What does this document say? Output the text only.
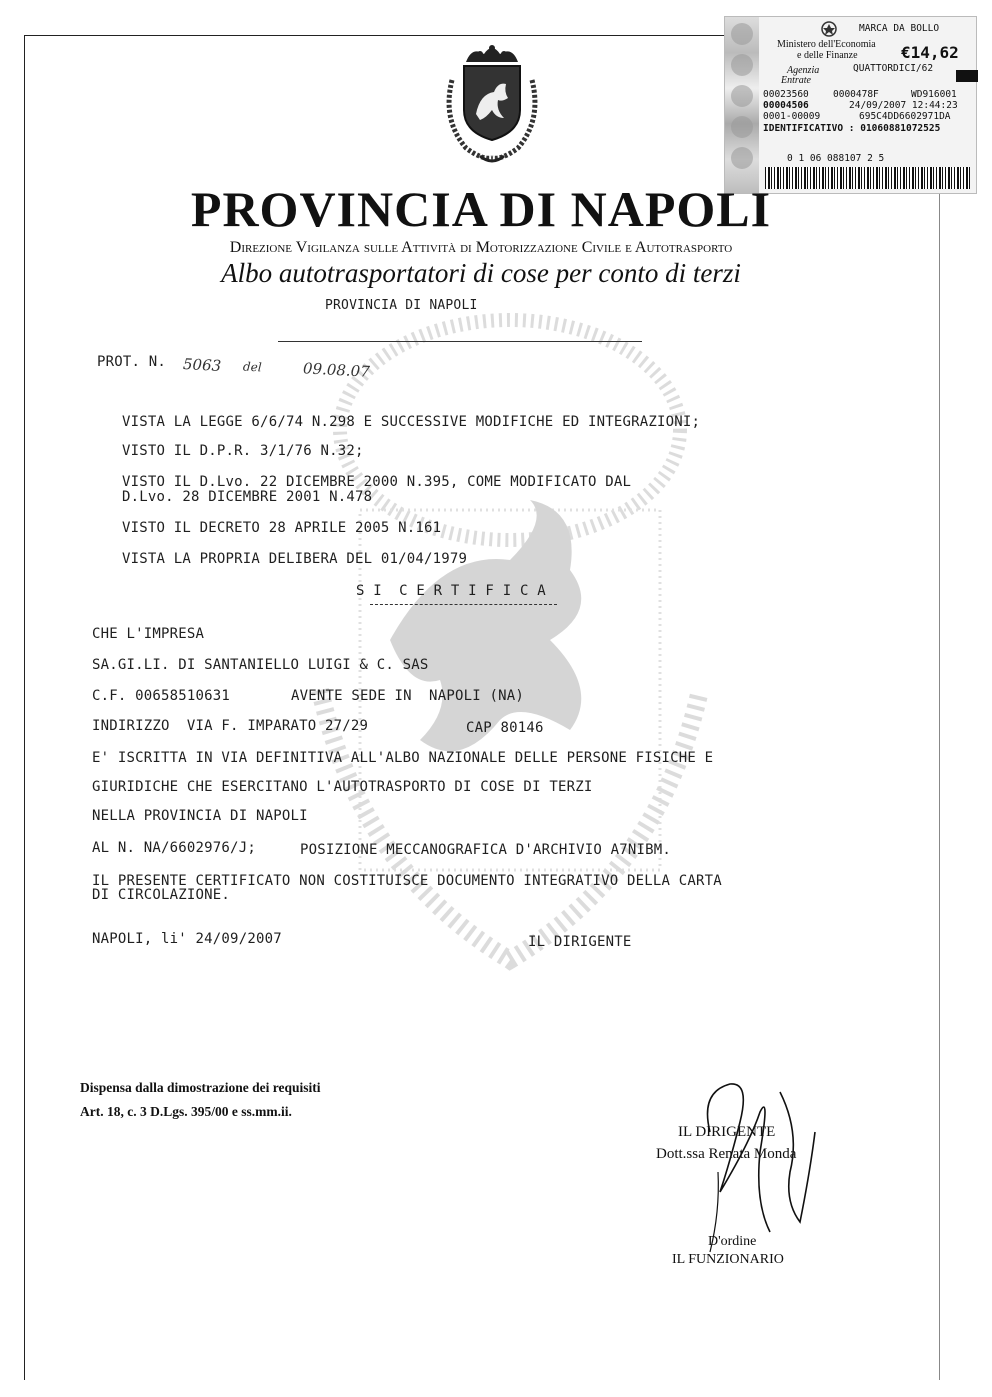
MARCA DA BOLLO
Ministero dell'Economia
e delle Finanze	€14,62
Agenzia
Entrate
QUATTORDICI/62
00023560	0000478F	WD916001
00004506	24/09/2007 12:44:23
0001-00009	695C4DD6602971DA
IDENTIFICATIVO : 01060881072525
0 1 06 088107 2 5
PROVINCIA DI NAPOLI
Direzione Vigilanza sulle Attività di Motorizzazione Civile e Autotrasporto
Albo autotrasportatori di cose per conto di terzi
PROVINCIA DI NAPOLI
PROT. N. 5063 del	09.08.07
VISTA LA LEGGE 6/6/74 N.298 E SUCCESSIVE MODIFICHE ED INTEGRAZIONI;
VISTO IL D.P.R. 3/1/76 N.32;
VISTO IL D.Lvo. 22 DICEMBRE 2000 N.395, COME MODIFICATO DAL
D.Lvo. 28 DICEMBRE 2001 N.478
VISTO IL DECRETO 28 APRILE 2005 N.161
VISTA LA PROPRIA DELIBERA DEL 01/04/1979
S I  C E R T I F I C A
CHE L'IMPRESA
SA.GI.LI. DI SANTANIELLO LUIGI & C. SAS
C.F. 00658510631	AVENTE SEDE IN  NAPOLI (NA)
INDIRIZZO  VIA F. IMPARATO 27/29	CAP 80146
E' ISCRITTA IN VIA DEFINITIVA ALL'ALBO NAZIONALE DELLE PERSONE FISICHE E
GIURIDICHE CHE ESERCITANO L'AUTOTRASPORTO DI COSE DI TERZI
NELLA PROVINCIA DI NAPOLI
AL N. NA/6602976/J;	POSIZIONE MECCANOGRAFICA D'ARCHIVIO A7NIBM.
IL PRESENTE CERTIFICATO NON COSTITUISCE DOCUMENTO INTEGRATIVO DELLA CARTA
DI CIRCOLAZIONE.
NAPOLI, li' 24/09/2007	IL DIRIGENTE
Dispensa dalla dimostrazione dei requisiti
Art. 18, c. 3 D.Lgs. 395/00 e ss.mm.ii.
IL DIRIGENTE
Dott.ssa Renata Monda
D'ordine
IL FUNZIONARIO
